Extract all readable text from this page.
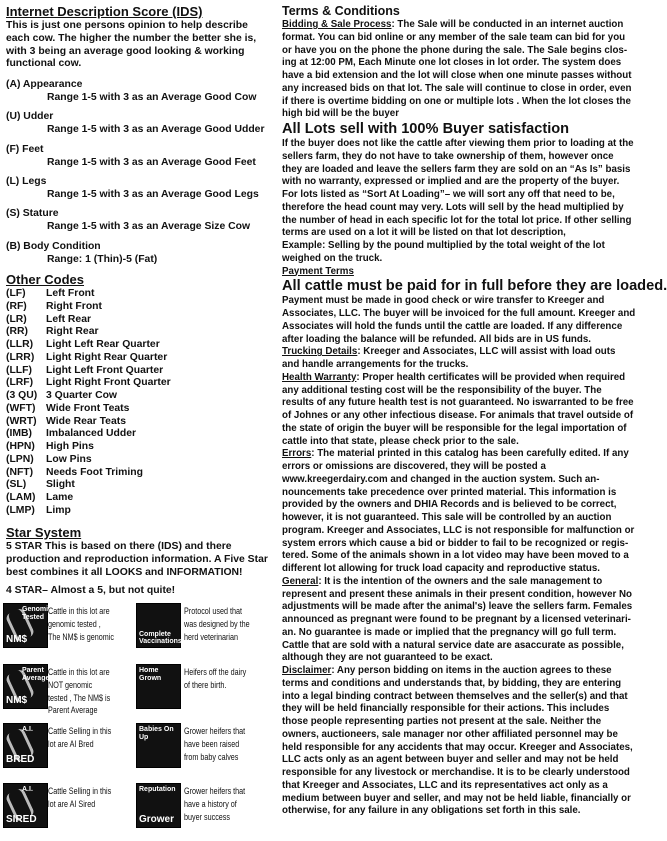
Internet Description Score (IDS)
This is just one persons opinion to help describe
each cow. The higher the number the better she is,
with 3 being an average good looking & working
functional cow.
(A) Appearance
Range 1-5 with 3 as an Average Good Cow
(U) Udder
Range 1-5 with 3 as an Average Good Udder
(F) Feet
Range 1-5 with 3 as an Average Good Feet
(L) Legs
Range 1-5 with 3 as an Average Good Legs
(S) Stature
Range 1-5 with 3 as an Average Size Cow
(B) Body Condition
Range: 1 (Thin)-5 (Fat)
Other Codes
(LF)	Left Front
(RF)	Right Front
(LR)	Left Rear
(RR)	Right Rear
(LLR)	Light Left Rear Quarter
(LRR)	Light Right Rear Quarter
(LLF)	Light Left Front Quarter
(LRF)	Light Right Front Quarter
(3 QU) 3 Quarter Cow
(WFT)	Wide Front Teats
(WRT) Wide Rear Teats
(IMB)	Imbalanced Udder
(HPN)	High Pins
(LPN)	Low Pins
(NFT)	Needs Foot Triming
(SL)	Slight
(LAM)	Lame
(LMP)	Limp
Star System
5 STAR This is based on there (IDS) and there
production and reproduction information. A Five Star
best combines it all LOOKS and INFORMATION!
4 STAR– Almost a 5, but not quite!
Genomic Tested
NM$
Cattle in this lot are
genomic tested ,
The NM$ is genomic	Complete Vaccinations
Protocol used that
was designed by the
herd veterinarian
Parent Average
NM$
Cattle in this lot are
NOT genomic
tested , The NM$ is
Parent Average
Home Grown
Heifers off the dairy
of there birth.
A.I.
BRED
Cattle Selling in this
lot are AI Bred
Babies On Up
Grower heifers that
have been raised
from baby calves
A.I.
SIRED
Cattle Selling in this
lot are AI Sired
Reputation
Grower
Grower heifers that
have a history of
buyer success
Terms & Conditions
Bidding & Sale Process: The Sale will be conducted in an internet auction
format. You can bid online or any member of the sale team can bid for you
or have you on the phone the phone during the sale. The Sale begins clos-
ing at 12:00 PM, Each Minute one lot closes in lot order. The system does
have a bid extension and the lot will close when one minute passes without
any increased bids on that lot. The sale will continue to close in order, even
if there is overtime bidding on one or multiple lots . When the lot closes the
high bid will be the buyer
All Lots sell with 100% Buyer satisfaction
If the buyer does not like the cattle after viewing them prior to loading at the
sellers farm, they do not have to take ownership of them, however once
they are loaded and leave the sellers farm they are sold on an “As Is” basis
with no warranty, expressed or implied and are the property of the buyer.
For lots listed as “Sort At Loading”– we will sort any off that need to be,
therefore the head count may very. Lots will sell by the head multiplied by
the number of head in each specific lot for the total lot price. If other selling
terms are used on a lot it will be listed on that lot description,
Example: Selling by the pound multiplied by the total weight of the lot
weighed on the truck.
Payment Terms
All cattle must be paid for in full before they are loaded.
Payment must be made in good check or wire transfer to Kreeger and
Associates, LLC. The buyer will be invoiced for the full amount. Kreeger and
Associates will hold the funds until the cattle are loaded. If any difference
after loading the balance will be refunded. All bids are in US funds.
Trucking Details: Kreeger and Associates, LLC will assist with load outs
and handle arrangements for the trucks.
Health Warranty: Proper health certificates will be provided when required
any additional testing cost will be the responsibility of the buyer. The
results of any future health test is not guaranteed. No iswarranted to be free
of Johnes or any other infectious disease. For animals that travel outside of
the state of origin the buyer will be responsible for the legal importation of
cattle into that state, please check prior to the sale.
Errors: The material printed in this catalog has been carefully edited. If any
errors or omissions are discovered, they will be posted a
www.kreegerdairy.com and changed in the auction system. Such an-
nouncements take precedence over printed material. This information is
provided by the owners and DHIA Records and is believed to be correct,
however, it is not guaranteed. This sale will be controlled by an auction
program. Kreeger and Associates, LLC is not responsible for malfunction or
system errors which cause a bid or bidder to fail to be recognized or regis-
tered. Some of the animals shown in a lot video may have been moved to a
different lot allowing for truck load capacity and reproductive status.
General: It is the intention of the owners and the sale management to
represent and present these animals in their present condition, however No
adjustments will be made after the animal's) leave the sellers farm. Females
announced as pregnant were found to be pregnant by a licensed veterinari-
an. No guarantee is made or implied that the pregnancy will go full term.
Cattle that are sold with a natural service date are asaccurate as possible,
although they are not guaranteed to be exact.
Disclaimer: Any person bidding on items in the auction agrees to these
terms and conditions and understands that, by bidding, they are entering
into a legal binding contract between themselves and the seller(s) and that
they will be held financially responsible for their actions. This includes
those people representing parties not present at the sale. Neither the
owners, auctioneers, sale manager nor other affiliated personnel may be
held responsible for any accidents that may occur. Kreeger and Associates,
LLC acts only as an agent between buyer and seller and may not be held
responsible for any livestock or merchandise. It is to be clearly understood
that Kreeger and Associates, LLC and its representatives act only as a
medium between buyer and seller, and may not be held liable, financially or
otherwise, for any failure in any obligations set forth in this sale.
